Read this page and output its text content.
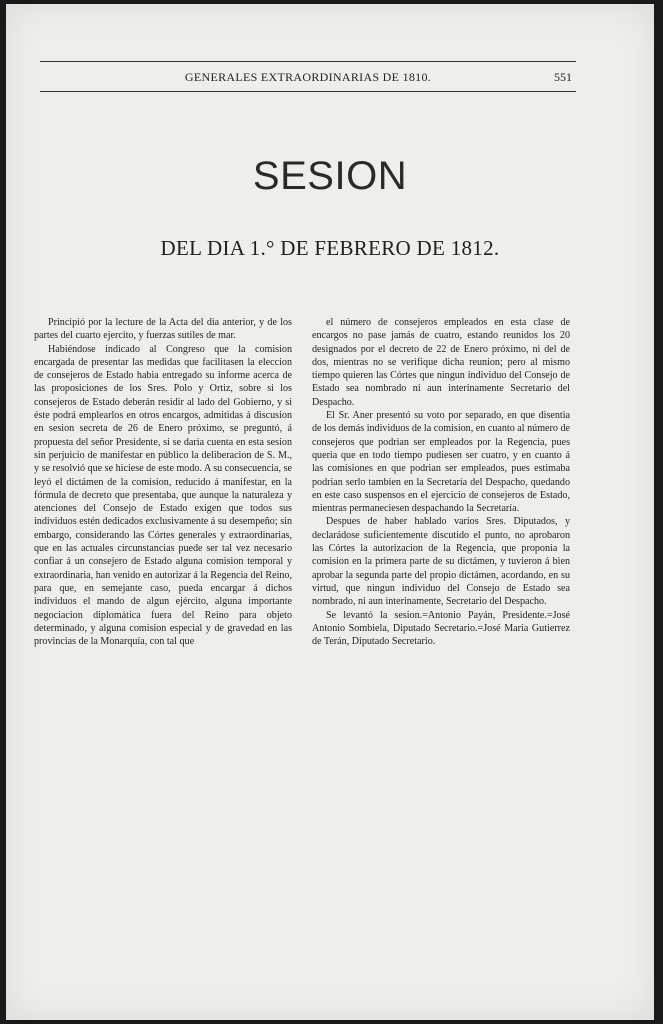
GENERALES EXTRAORDINARIAS DE 1810.	551
SESION
DEL DIA 1.° DE FEBRERO DE 1812.

Principió por la lecture de la Acta del dia anterior, y de los partes del cuarto ejercito, y fuerzas sutiles de mar.

Habiéndose indicado al Congreso que la comision encargada de presentar las medidas que facilitasen la eleccion de consejeros de Estado habia entregado su informe acerca de las proposiciones de los Sres. Polo y Ortiz, sobre si los consejeros de Estado deberán residir al lado del Gobierno, y si éste podrá emplearlos en otros encargos, admitidas á discusion en sesion secreta de 26 de Enero próximo, se preguntó, á propuesta del señor Presidente, si se daria cuenta en esta sesion sin perjuicio de manifestar en público la deliberacion de S. M., y se resolvió que se hiciese de este modo. A su consecuencia, se leyó el dictámen de la comision, reducido á manifestar, en la fórmula de decreto que presentaba, que aunque la naturaleza y atenciones del Consejo de Estado exigen que todos sus individuos estén dedicados exclusivamente á su desempeño; sin embargo, considerando las Córtes generales y extraordinarias, que en las actuales circunstancias puede ser tal vez necesario confiar á un consejero de Estado alguna comision temporal y extraordinaria, han venido en autorizar á la Regencia del Reino, para que, en semejante caso, pueda encargar á dichos individuos el mando de algun ejército, alguna importante negociacion diplomática fuera del Reino para objeto determinado, y alguna comision especial y de gravedad en las provincias de la Monarquía, con tal que

el número de consejeros empleados en esta clase de encargos no pase jamás de cuatro, estando reunidos los 20 designados por el decreto de 22 de Enero próximo, ni del de dos, mientras no se verifique dicha reunion; pero al mismo tiempo quieren las Córtes que ningun individuo del Consejo de Estado sea nombrado ni aun interinamente Secretario del Despacho.

El Sr. Aner presentó su voto por separado, en que disentia de los demás individuos de la comision, en cuanto al número de consejeros que podrian ser empleados por la Regencia, pues queria que en todo tiempo pudiesen ser cuatro, y en cuanto á las comisiones en que podrian ser empleados, pues estimaba podrian serlo tambien en la Secretaría del Despacho, quedando en este caso suspensos en el ejercicio de consejeros de Estado, mientras permaneciesen despachando la Secretaría.

Despues de haber hablado varios Sres. Diputados, y declarádose suficientemente discutido el punto, no aprobaron las Córtes la autorizacion de la Regencia, que proponia la comision en la primera parte de su dictámen, y tuvieron á bien aprobar la segunda parte del propio dictámen, acordando, en su virtud, que ningun individuo del Consejo de Estado sea nombrado, ni aun interinamente, Secretario del Despacho.

Se levantó la sesion.=Antonio Payán, Presidente.=José Antonio Sombiela, Diputado Secretario.=José María Gutierrez de Terán, Diputado Secretario.
